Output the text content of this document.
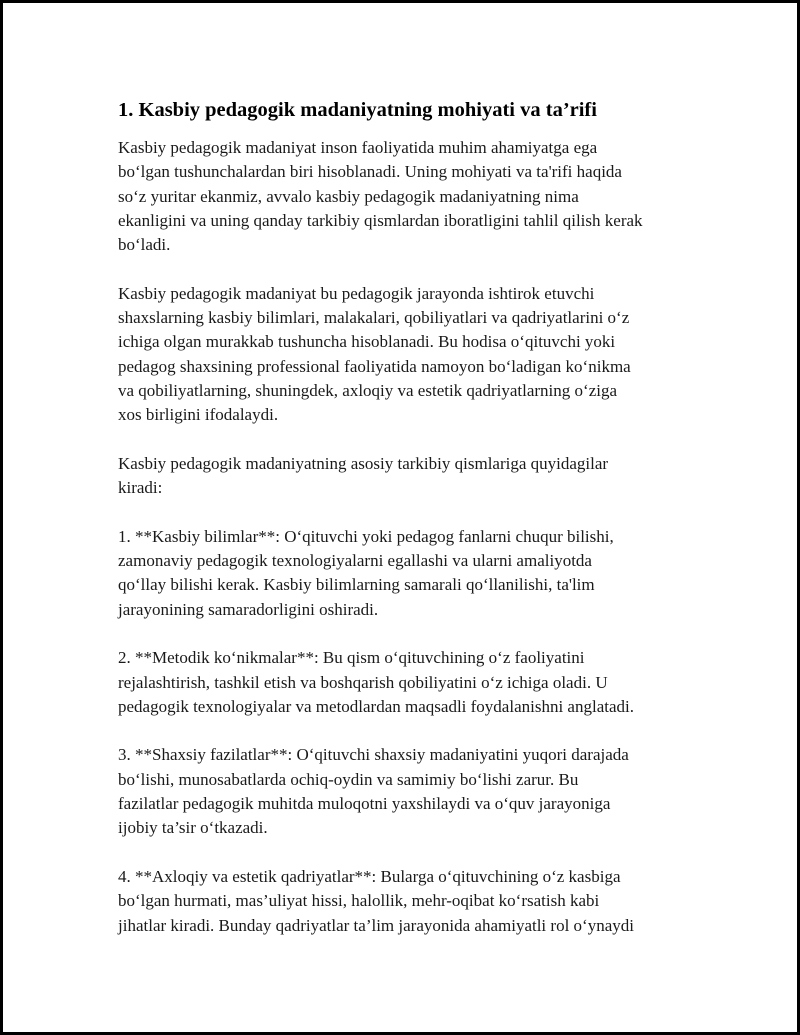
1. Kasbiy pedagogik madaniyatning mohiyati va ta’rifi
Kasbiy pedagogik madaniyat inson faoliyatida muhim ahamiyatga ega
bo‘lgan tushunchalardan biri hisoblanadi. Uning mohiyati va ta'rifi haqida
so‘z yuritar ekanmiz, avvalo kasbiy pedagogik madaniyatning nima
ekanligini va uning qanday tarkibiy qismlardan iboratligini tahlil qilish kerak
bo‘ladi.
Kasbiy pedagogik madaniyat bu pedagogik jarayonda ishtirok etuvchi
shaxslarning kasbiy bilimlari, malakalari, qobiliyatlari va qadriyatlarini o‘z
ichiga olgan murakkab tushuncha hisoblanadi. Bu hodisa o‘qituvchi yoki
pedagog shaxsining professional faoliyatida namoyon bo‘ladigan ko‘nikma
va qobiliyatlarning, shuningdek, axloqiy va estetik qadriyatlarning o‘ziga
xos birligini ifodalaydi.
Kasbiy pedagogik madaniyatning asosiy tarkibiy qismlariga quyidagilar
kiradi:
1. **Kasbiy bilimlar**: O‘qituvchi yoki pedagog fanlarni chuqur bilishi,
zamonaviy pedagogik texnologiyalarni egallashi va ularni amaliyotda
qo‘llay bilishi kerak. Kasbiy bilimlarning samarali qo‘llanilishi, ta'lim
jarayonining samaradorligini oshiradi.
2. **Metodik ko‘nikmalar**: Bu qism o‘qituvchining o‘z faoliyatini
rejalashtirish, tashkil etish va boshqarish qobiliyatini o‘z ichiga oladi. U
pedagogik texnologiyalar va metodlardan maqsadli foydalanishni anglatadi.
3. **Shaxsiy fazilatlar**: O‘qituvchi shaxsiy madaniyatini yuqori darajada
bo‘lishi, munosabatlarda ochiq-oydin va samimiy bo‘lishi zarur. Bu
fazilatlar pedagogik muhitda muloqotni yaxshilaydi va o‘quv jarayoniga
ijobiy ta’sir o‘tkazadi.
4. **Axloqiy va estetik qadriyatlar**: Bularga o‘qituvchining o‘z kasbiga
bo‘lgan hurmati, mas’uliyat hissi, halollik, mehr-oqibat ko‘rsatish kabi
jihatlar kiradi. Bunday qadriyatlar ta’lim jarayonida ahamiyatli rol o‘ynaydi
